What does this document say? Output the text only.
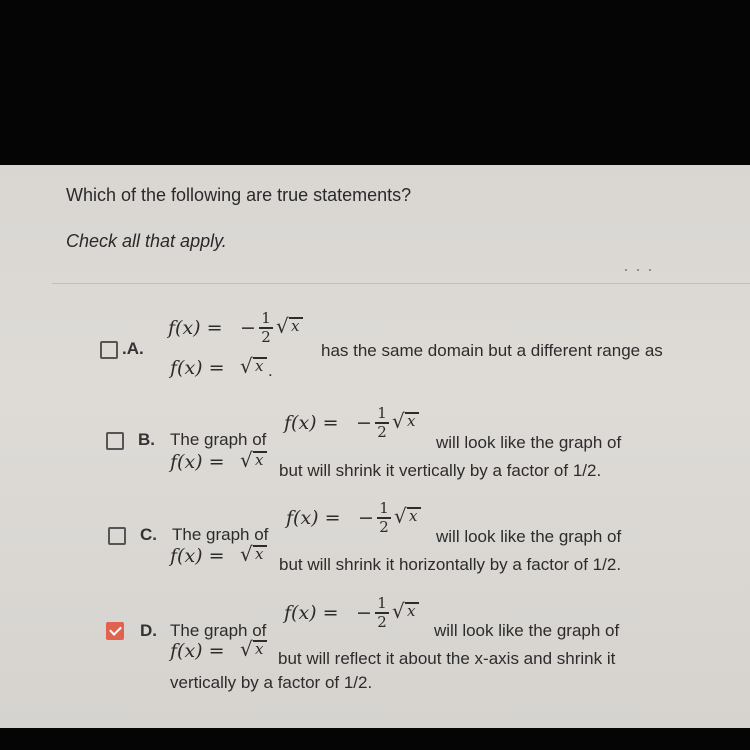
Which of the following are true statements?
Check all that apply.
.A.
f(x) = − 1
2 √ x
has the same domain but a different range as
f(x) = √ x .
B. The graph of
f(x) = − 1
2 √ x
will look like the graph of
f(x) = √ x
but will shrink it vertically by a factor of 1/2.
C. The graph of
f(x) = − 1
2 √ x
will look like the graph of
f(x) = √ x
but will shrink it horizontally by a factor of 1/2.
D. The graph of
f(x) = − 1
2 √ x
will look like the graph of
f(x) = √ x but will reflect it about the x-axis and shrink it
vertically by a factor of 1/2.
